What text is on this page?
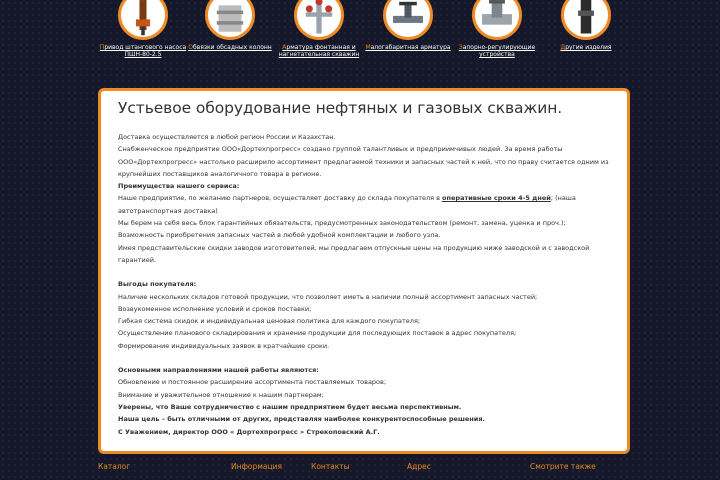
Привод штангового насоса ПШН-80-2.5
Обвязки обсадных колонн	Арматура фонтанная и нагнетательная скважин
Малогабаритная арматура	Запорно-регулирующие устройства
Другие изделия
Устьевое оборудование нефтяных и газовых скважин.

Доставка осуществляется в любой регион России и Казахстан.

Снабженческое предприятие ООО«Дортехпрогресс» создано группой талантливых и предприимчивых людей. За время работы ООО«Дортехпрогресс» настолько расширило ассортимент предлагаемой техники и запасных частей к ней, что по праву считается одним из крупнейших поставщиков аналогичного товара в регионе.

Преимущества нашего сервиса:

Наше предприятие, по желанию партнеров, осуществляет доставку до склада покупателя в оперативные сроки 4-5 дней; (наша автотранспортная доставка)

Мы берем на себя весь блок гарантийных обязательств, предусмотренных законодательством (ремонт, замена, уценка и проч.);

Возможность приобретения запасных частей в любой удобной комплектации и любого узла.

Имея представительские скидки заводов изготовителей, мы предлагаем отпускные цены на продукцию ниже заводской и с заводской гарантией.

Выгоды покупателя:

Наличие нескольких складов готовой продукции, что позволяет иметь в наличии полный ассортимент запасных частей;

Возвукоменное исполнение условий и сроков поставки;

Гибкая система скидок и индивидуальная ценовая политика для каждого покупателя;

Осуществление планового складирования и хранение продукции для последующих поставок в адрес покупателя;

Формирование индивидуальных заявок в кратчайшие сроки.

Основными направлениями нашей работы являются:

Обновление и постоянное расширение ассортимента поставляемых товаров;

Внимание и уважительное отношение к нашим партнерам;

Уверены, что Ваше сотрудничество с нашим предприятием будет весьма перспективным.

Наша цель – быть отличными от других, представляя наиболее конкурентоспособные решения.

С Уважением, директор ООО « Дортехпрогресс » Стрекоповский А.Г.

Каталог	Информация	Контакты	Адрес	Смотрите также
